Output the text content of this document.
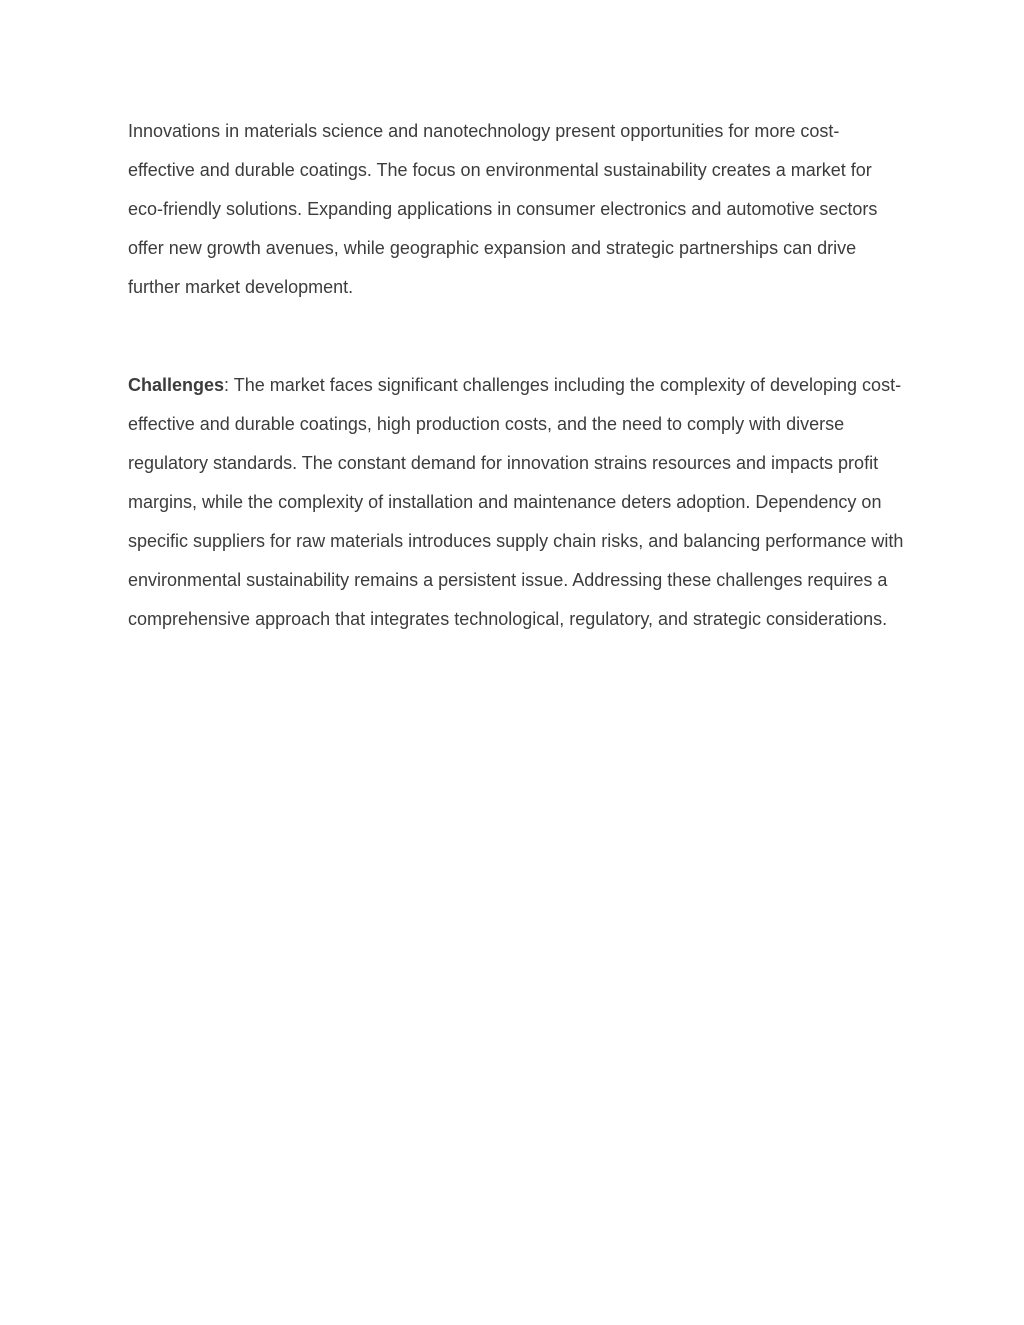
Innovations in materials science and nanotechnology present opportunities for more cost-effective and durable coatings. The focus on environmental sustainability creates a market for eco-friendly solutions. Expanding applications in consumer electronics and automotive sectors offer new growth avenues, while geographic expansion and strategic partnerships can drive further market development.

Challenges: The market faces significant challenges including the complexity of developing cost-effective and durable coatings, high production costs, and the need to comply with diverse regulatory standards. The constant demand for innovation strains resources and impacts profit margins, while the complexity of installation and maintenance deters adoption. Dependency on specific suppliers for raw materials introduces supply chain risks, and balancing performance with environmental sustainability remains a persistent issue. Addressing these challenges requires a comprehensive approach that integrates technological, regulatory, and strategic considerations.
